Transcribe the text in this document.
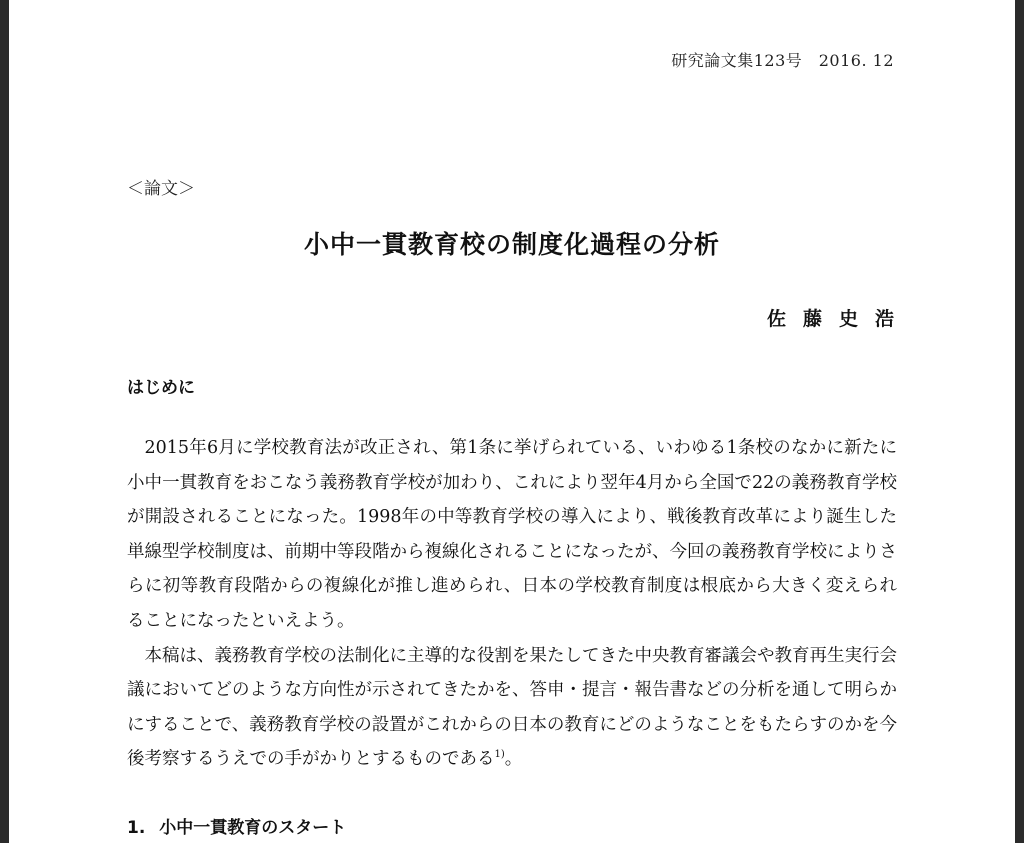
研究論文集123号　2016. 12
＜論文＞
小中一貫教育校の制度化過程の分析
佐藤史浩
はじめに

2015年6月に学校教育法が改正され、第1条に挙げられている、いわゆる1条校のなかに新たに小中一貫教育をおこなう義務教育学校が加わり、これにより翌年4月から全国で22の義務教育学校が開設されることになった。1998年の中等教育学校の導入により、戦後教育改革により誕生した単線型学校制度は、前期中等段階から複線化されることになったが、今回の義務教育学校によりさらに初等教育段階からの複線化が推し進められ、日本の学校教育制度は根底から大きく変えられることになったといえよう。

本稿は、義務教育学校の法制化に主導的な役割を果たしてきた中央教育審議会や教育再生実行会議においてどのような方向性が示されてきたかを、答申・提言・報告書などの分析を通して明らかにすることで、義務教育学校の設置がこれからの日本の教育にどのようなことをもたらすのかを今後考察するうえでの手がかりとするものである$^{1)}$。

1. 小中一貫教育のスタート
